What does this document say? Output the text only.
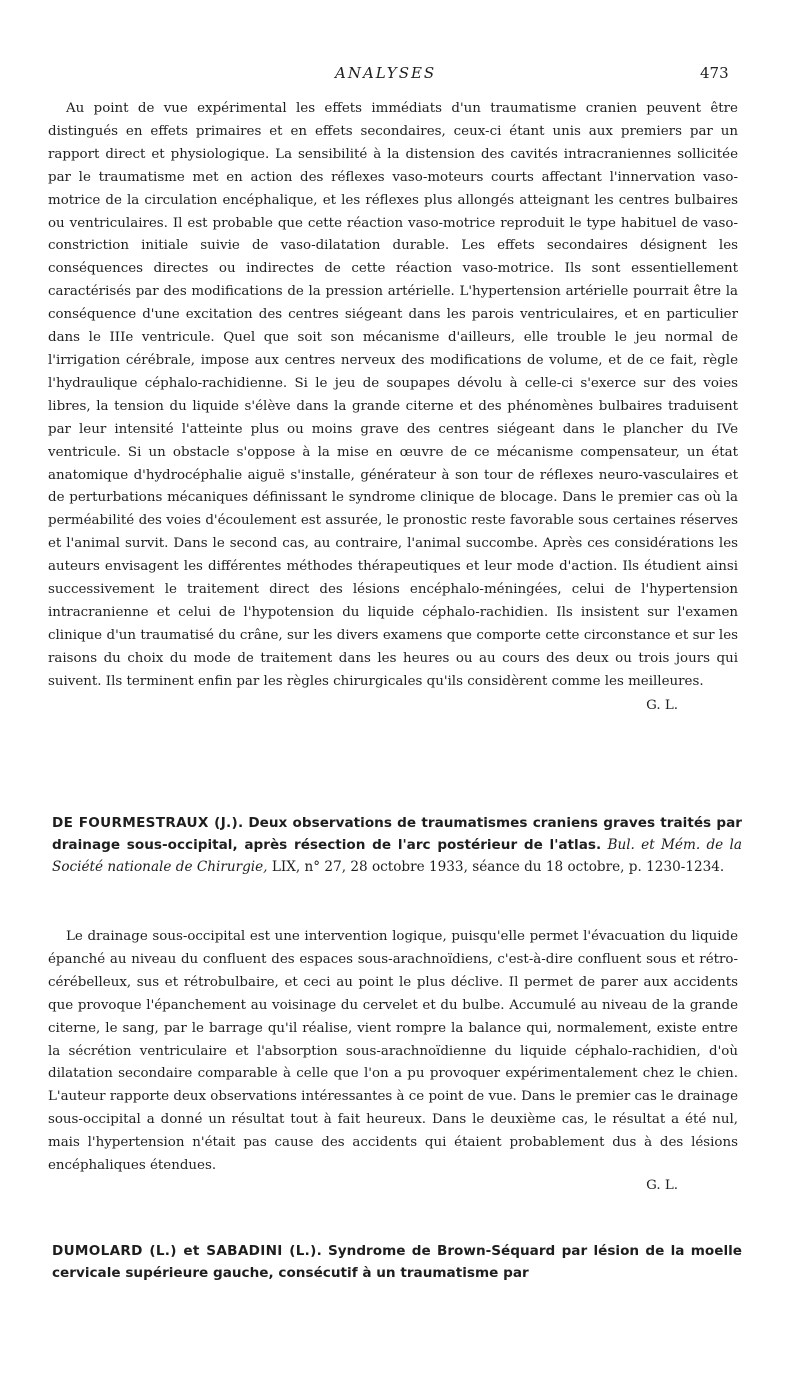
ANALYSES	473

Au point de vue expérimental les effets immédiats d'un traumatisme cranien peuvent être distingués en effets primaires et en effets secondaires, ceux-ci étant unis aux premiers par un rapport direct et physiologique. La sensibilité à la distension des cavités intracraniennes sollicitée par le traumatisme met en action des réflexes vaso-moteurs courts affectant l'innervation vaso-motrice de la circulation encéphalique, et les réflexes plus allongés atteignant les centres bulbaires ou ventriculaires. Il est probable que cette réaction vaso-motrice reproduit le type habituel de vaso-constriction initiale suivie de vaso-dilatation durable. Les effets secondaires désignent les conséquences directes ou indirectes de cette réaction vaso-motrice. Ils sont essentiellement caractérisés par des modifications de la pression artérielle. L'hypertension artérielle pourrait être la conséquence d'une excitation des centres siégeant dans les parois ventriculaires, et en particulier dans le IIIe ventricule. Quel que soit son mécanisme d'ailleurs, elle trouble le jeu normal de l'irrigation cérébrale, impose aux centres nerveux des modifications de volume, et de ce fait, règle l'hydraulique céphalo-rachidienne. Si le jeu de soupapes dévolu à celle-ci s'exerce sur des voies libres, la tension du liquide s'élève dans la grande citerne et des phénomènes bulbaires traduisent par leur intensité l'atteinte plus ou moins grave des centres siégeant dans le plancher du IVe ventricule. Si un obstacle s'oppose à la mise en œuvre de ce mécanisme compensateur, un état anatomique d'hydrocéphalie aiguë s'installe, générateur à son tour de réflexes neuro-vasculaires et de perturbations mécaniques définissant le syndrome clinique de blocage. Dans le premier cas où la perméabilité des voies d'écoulement est assurée, le pronostic reste favorable sous certaines réserves et l'animal survit. Dans le second cas, au contraire, l'animal succombe. Après ces considérations les auteurs envisagent les différentes méthodes thérapeutiques et leur mode d'action. Ils étudient ainsi successivement le traitement direct des lésions encéphalo-méningées, celui de l'hypertension intracranienne et celui de l'hypotension du liquide céphalo-rachidien. Ils insistent sur l'examen clinique d'un traumatisé du crâne, sur les divers examens que comporte cette circonstance et sur les raisons du choix du mode de traitement dans les heures ou au cours des deux ou trois jours qui suivent. Ils terminent enfin par les règles chirurgicales qu'ils considèrent comme les meilleures.

G. L.

DE FOURMESTRAUX (J.). Deux observations de traumatismes craniens graves traités par drainage sous-occipital, après résection de l'arc postérieur de l'atlas. Bul. et Mém. de la Société nationale de Chirurgie, LIX, n° 27, 28 octobre 1933, séance du 18 octobre, p. 1230-1234.

Le drainage sous-occipital est une intervention logique, puisqu'elle permet l'évacuation du liquide épanché au niveau du confluent des espaces sous-arachnoïdiens, c'est-à-dire confluent sous et rétro-cérébelleux, sus et rétrobulbaire, et ceci au point le plus déclive. Il permet de parer aux accidents que provoque l'épanchement au voisinage du cervelet et du bulbe. Accumulé au niveau de la grande citerne, le sang, par le barrage qu'il réalise, vient rompre la balance qui, normalement, existe entre la sécrétion ventriculaire et l'absorption sous-arachnoïdienne du liquide céphalo-rachidien, d'où dilatation secondaire comparable à celle que l'on a pu provoquer expérimentalement chez le chien. L'auteur rapporte deux observations intéressantes à ce point de vue. Dans le premier cas le drainage sous-occipital a donné un résultat tout à fait heureux. Dans le deuxième cas, le résultat a été nul, mais l'hypertension n'était pas cause des accidents qui étaient probablement dus à des lésions encéphaliques étendues.

G. L.

DUMOLARD (L.) et SABADINI (L.). Syndrome de Brown-Séquard par lésion de la moelle cervicale supérieure gauche, consécutif à un traumatisme par
